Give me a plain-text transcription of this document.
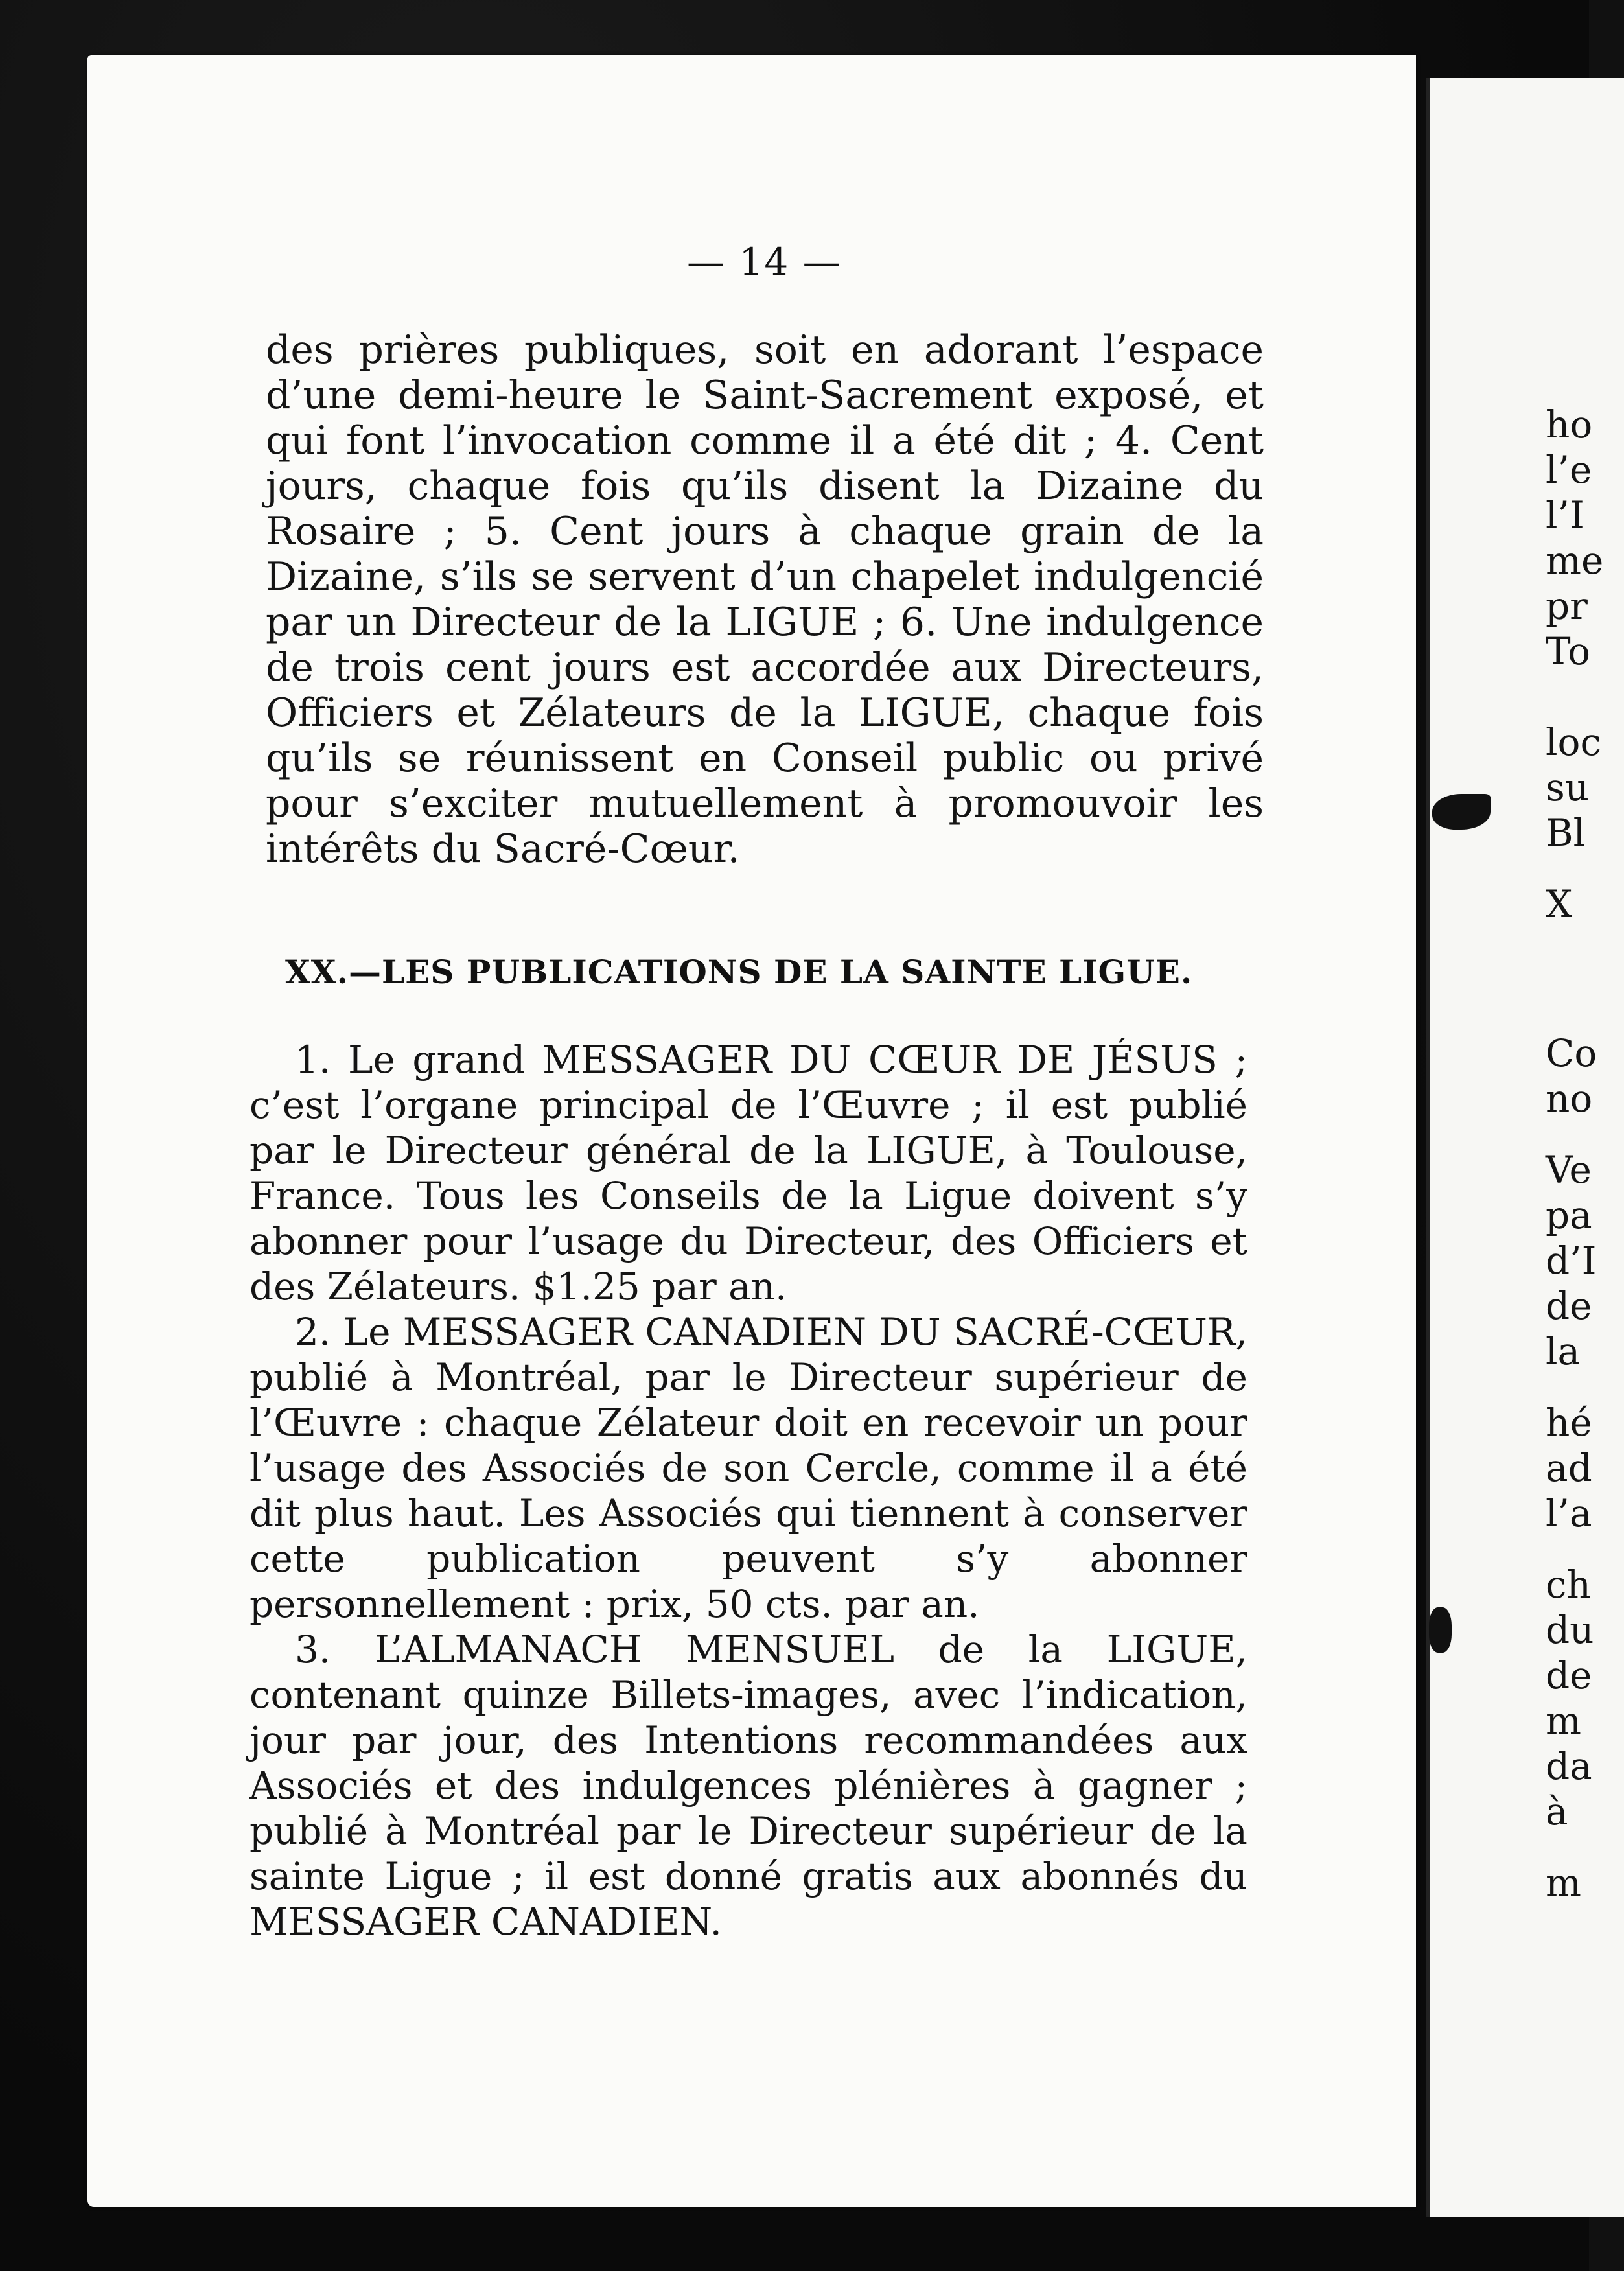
— 14 —

des prières publiques, soit en adorant l’espace d’une demi-heure le Saint-Sacrement exposé, et qui font l’invocation comme il a été dit ; 4. Cent jours, chaque fois qu’ils disent la Dizaine du Rosaire ; 5. Cent jours à chaque grain de la Dizaine, s’ils se servent d’un chapelet indulgencié par un Directeur de la LIGUE ; 6. Une indulgence de trois cent jours est accordée aux Directeurs, Officiers et Zélateurs de la LIGUE, chaque fois qu’ils se réunissent en Conseil public ou privé pour s’exciter mutuellement à promouvoir les intérêts du Sacré-Cœur.

XX.—LES PUBLICATIONS DE LA SAINTE LIGUE.

1. Le grand MESSAGER DU CŒUR DE JÉSUS ; c’est l’organe principal de l’Œuvre ; il est publié par le Directeur général de la LIGUE, à Toulouse, France. Tous les Conseils de la Ligue doivent s’y abonner pour l’usage du Directeur, des Officiers et des Zélateurs. $1.25 par an.

2. Le MESSAGER CANADIEN DU SACRÉ-CŒUR, publié à Montréal, par le Directeur supérieur de l’Œuvre : chaque Zélateur doit en recevoir un pour l’usage des Associés de son Cercle, comme il a été dit plus haut. Les Associés qui tiennent à conserver cette publication peuvent s’y abonner personnellement : prix, 50 cts. par an.

3. L’ALMANACH MENSUEL de la LIGUE, contenant quinze Billets-images, avec l’indication, jour par jour, des Intentions recommandées aux Associés et des indulgences plénières à gagner ; publié à Montréal par le Directeur supérieur de la sainte Ligue ; il est donné gratis aux abonnés du MESSAGER CANADIEN.

ho
l’e
l’I
me
pr
To
loc
su
Bl
X
Co
no
Ve
pa
d’I
de
la
hé
ad
l’a
ch
du
de
m
da
à
m
